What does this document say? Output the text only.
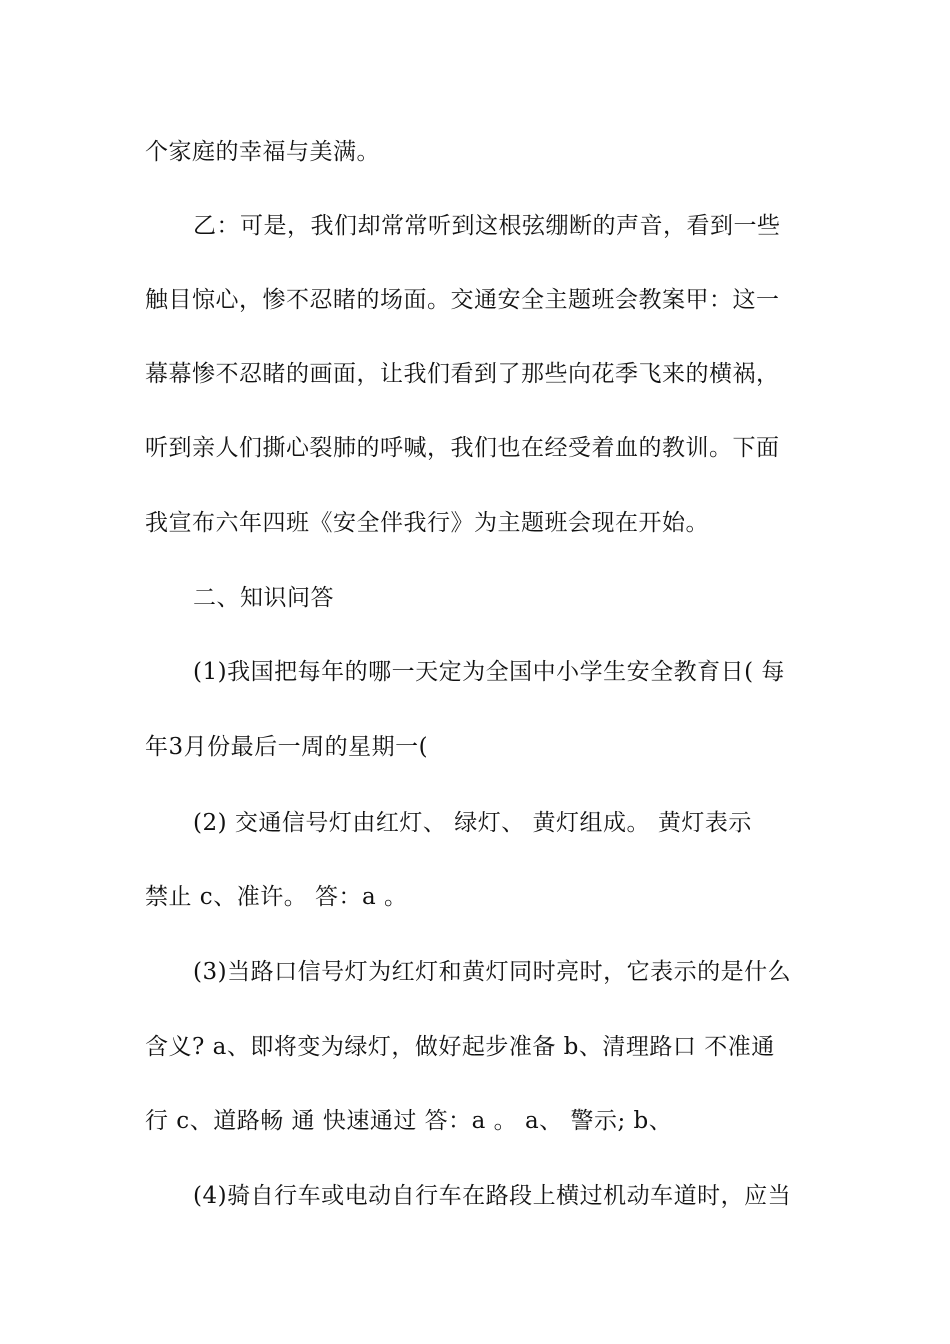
个家庭的幸福与美满。
乙：可是，我们却常常听到这根弦绷断的声音，看到一些
触目惊心，惨不忍睹的场面。交通安全主题班会教案甲：这一
幕幕惨不忍睹的画面，让我们看到了那些向花季飞来的横祸，
听到亲人们撕心裂肺的呼喊，我们也在经受着血的教训。下面
我宣布六年四班《安全伴我行》为主题班会现在开始。
二、知识问答
(1)我国把每年的哪一天定为全国中小学生安全教育日( 每
年3月份最后一周的星期一(
(2) 交通信号灯由红灯、 绿灯、 黄灯组成。 黄灯表示
禁止 c、准许。 答：a 。
(3)当路口信号灯为红灯和黄灯同时亮时，它表示的是什么
含义? a、即将变为绿灯，做好起步准备 b、清理路口 不准通
行 c、道路畅 通 快速通过 答：a 。 a、 警示; b、
(4)骑自行车或电动自行车在路段上横过机动车道时，应当
